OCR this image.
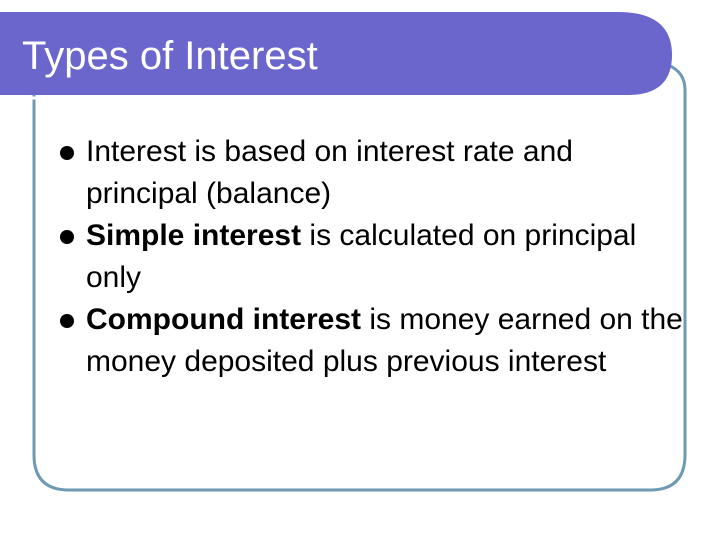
Types of Interest
Interest is based on interest rate and principal (balance)
Simple interest is calculated on principal only
Compound interest is money earned on the money deposited plus previous interest
